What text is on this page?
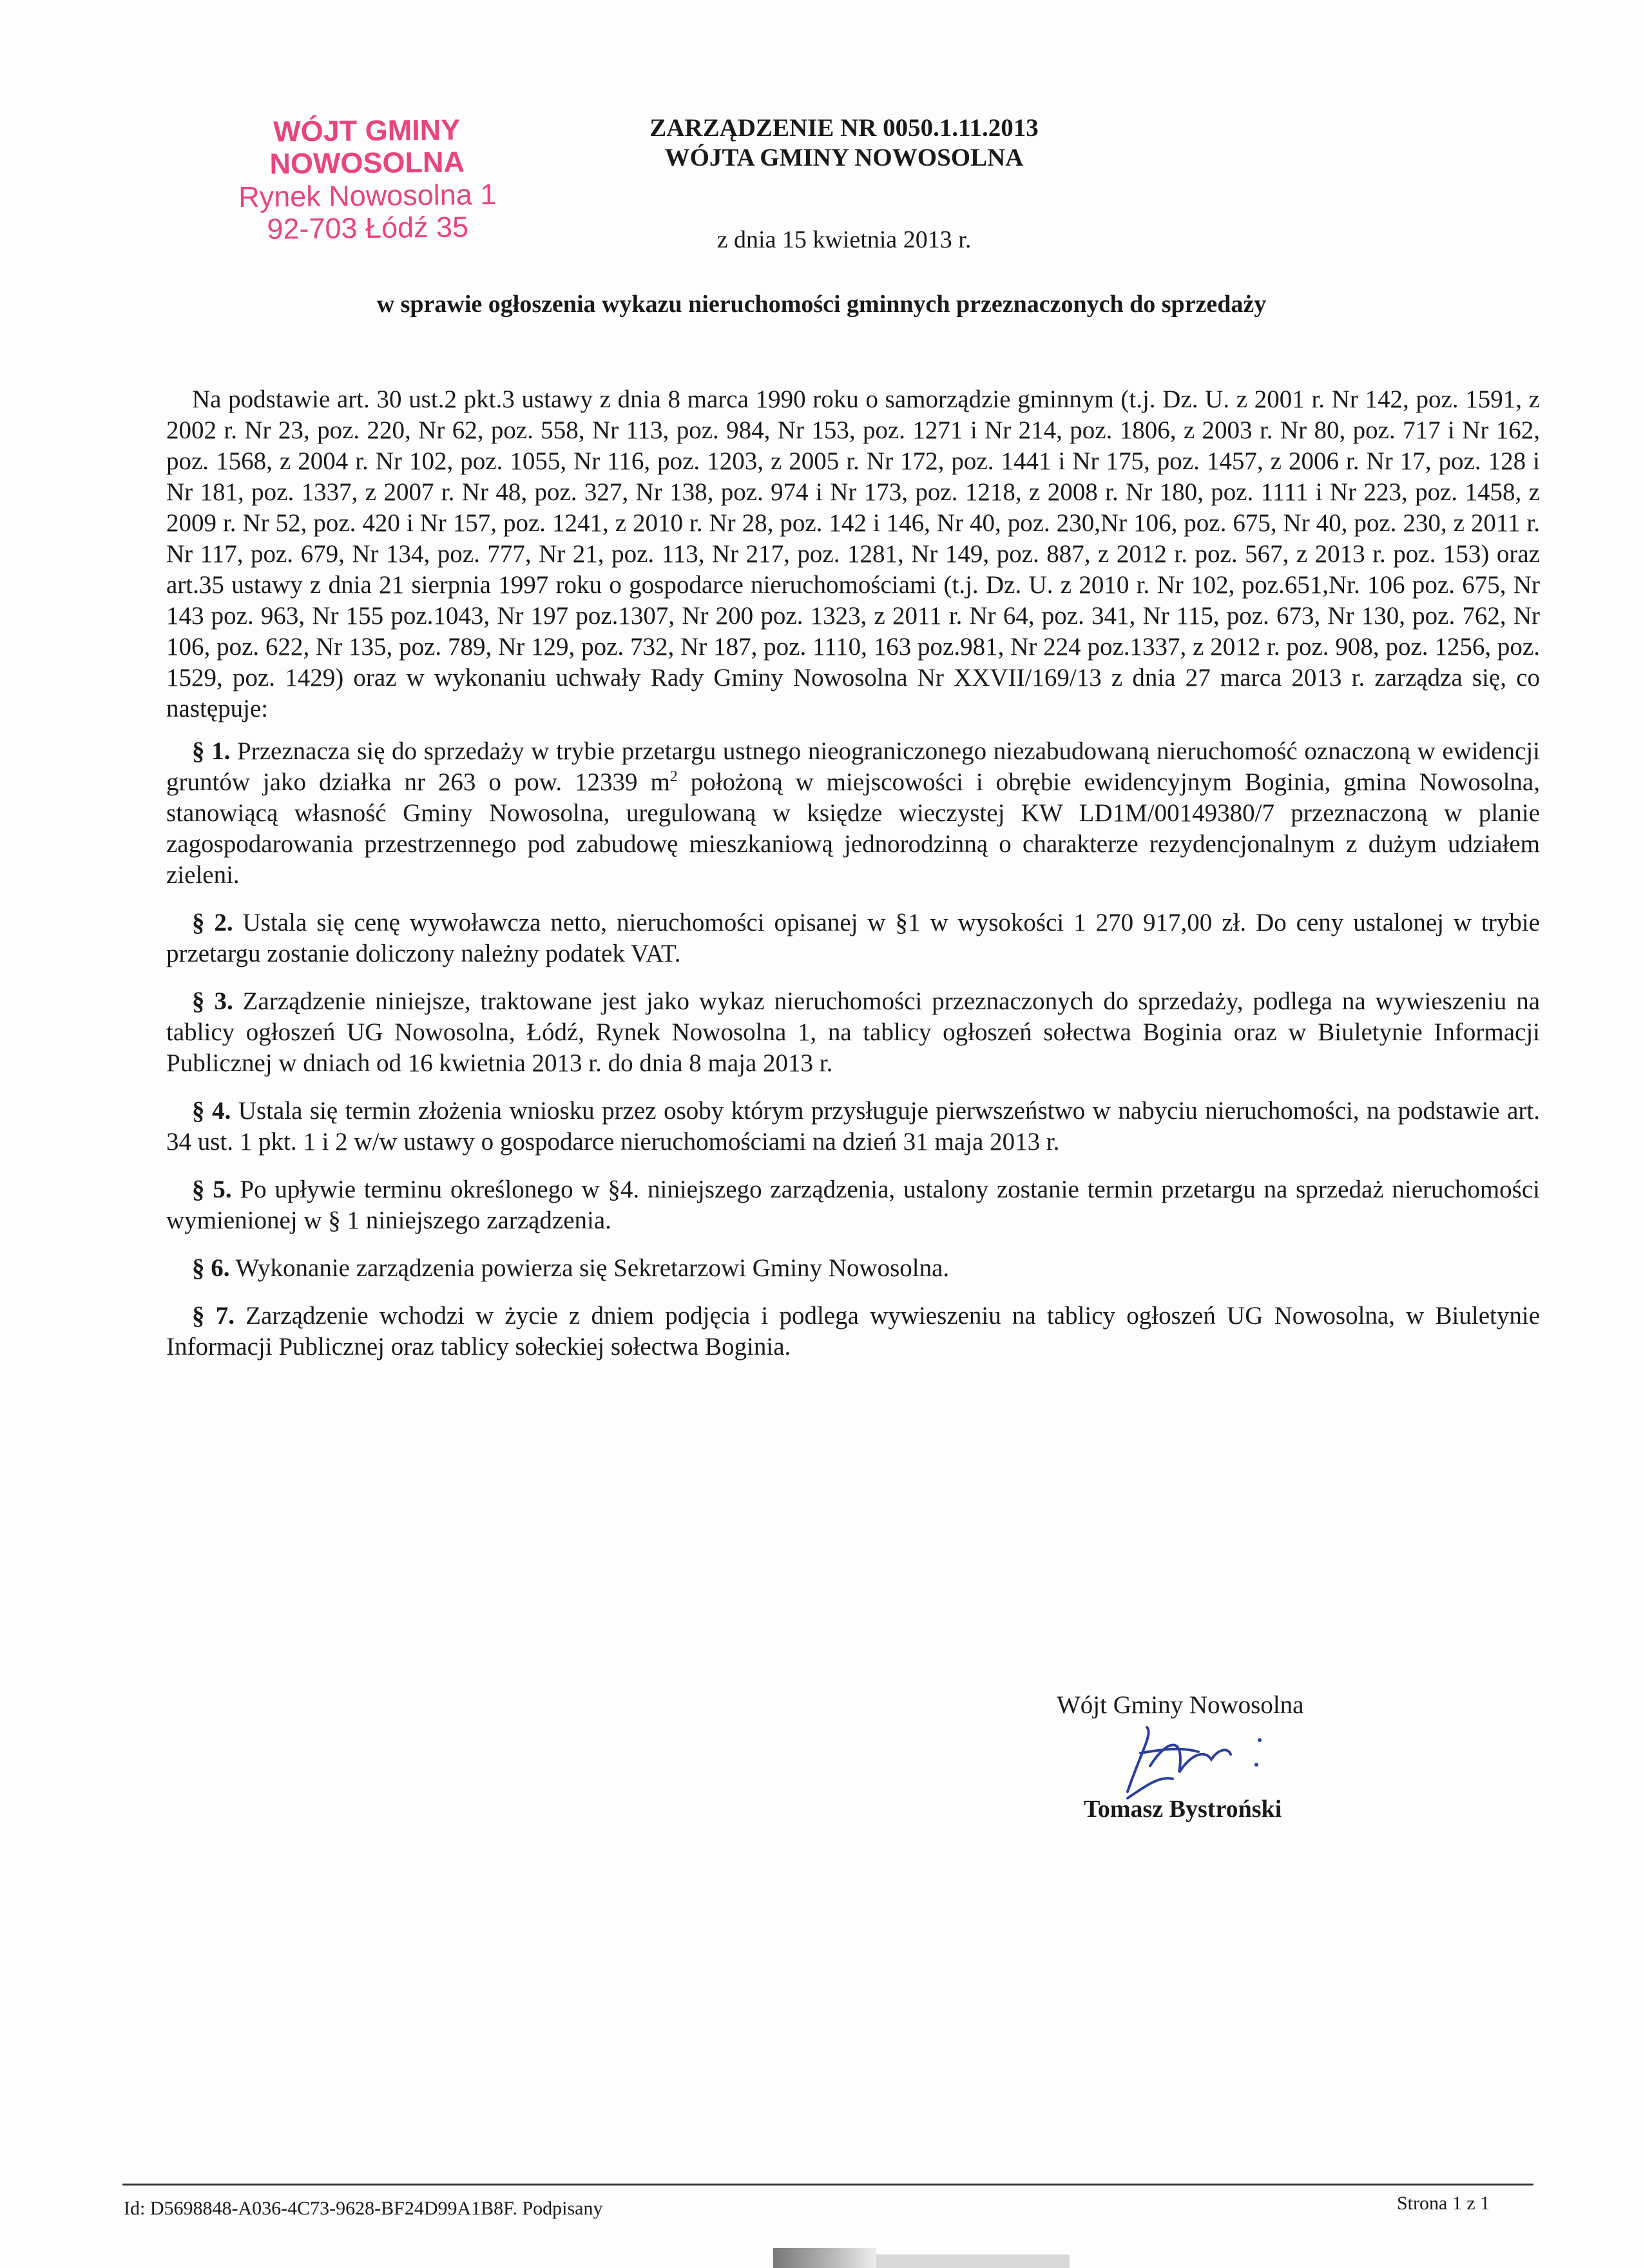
WÓJT GMINY NOWOSOLNA
Rynek Nowosolna 1
92-703 Łódź 35
ZARZĄDZENIE NR 0050.1.11.2013
WÓJTA GMINY NOWOSOLNA
z dnia 15 kwietnia 2013 r.
w sprawie ogłoszenia wykazu nieruchomości gminnych przeznaczonych do sprzedaży

Na podstawie art. 30 ust.2 pkt.3 ustawy z dnia 8 marca 1990 roku o samorządzie gminnym (t.j. Dz. U. z 2001 r. Nr 142, poz. 1591, z 2002 r. Nr 23, poz. 220, Nr 62, poz. 558, Nr 113, poz. 984, Nr 153, poz. 1271 i Nr 214, poz. 1806, z 2003 r. Nr 80, poz. 717 i Nr 162, poz. 1568, z 2004 r. Nr 102, poz. 1055, Nr 116, poz. 1203, z 2005 r. Nr 172, poz. 1441 i Nr 175, poz. 1457, z 2006 r. Nr 17, poz. 128 i Nr 181, poz. 1337, z 2007 r. Nr 48, poz. 327, Nr 138, poz. 974 i Nr 173, poz. 1218, z 2008 r. Nr 180, poz. 1111 i Nr 223, poz. 1458, z 2009 r. Nr 52, poz. 420 i Nr 157, poz. 1241, z 2010 r. Nr 28, poz. 142 i 146, Nr 40, poz. 230,Nr 106, poz. 675, Nr 40, poz. 230, z 2011 r. Nr 117, poz. 679, Nr 134, poz. 777, Nr 21, poz. 113, Nr 217, poz. 1281, Nr 149, poz. 887, z 2012 r. poz. 567, z 2013 r. poz. 153) oraz art.35 ustawy z dnia 21 sierpnia 1997 roku o gospodarce nieruchomościami (t.j. Dz. U. z 2010 r. Nr 102, poz.651,Nr. 106 poz. 675, Nr 143 poz. 963, Nr 155 poz.1043, Nr 197 poz.1307, Nr 200 poz. 1323, z 2011 r. Nr 64, poz. 341, Nr 115, poz. 673, Nr 130, poz. 762, Nr 106, poz. 622, Nr 135, poz. 789, Nr 129, poz. 732, Nr 187, poz. 1110, 163 poz.981, Nr 224 poz.1337, z 2012 r. poz. 908, poz. 1256, poz. 1529, poz. 1429) oraz w wykonaniu uchwały Rady Gminy Nowosolna Nr XXVII/169/13 z dnia 27 marca 2013 r. zarządza się, co następuje:

§ 1. Przeznacza się do sprzedaży w trybie przetargu ustnego nieograniczonego niezabudowaną nieruchomość oznaczoną w ewidencji gruntów jako działka nr 263 o pow. 12339 $m^2$ położoną w miejscowości i obrębie ewidencyjnym Boginia, gmina Nowosolna, stanowiącą własność Gminy Nowosolna, uregulowaną w księdze wieczystej KW LD1M/00149380/7 przeznaczoną w planie zagospodarowania przestrzennego pod zabudowę mieszkaniową jednorodzinną o charakterze rezydencjonalnym z dużym udziałem zieleni.

§ 2. Ustala się cenę wywoławcza netto, nieruchomości opisanej w §1 w wysokości 1 270 917,00 zł. Do ceny ustalonej w trybie przetargu zostanie doliczony należny podatek VAT.

§ 3. Zarządzenie niniejsze, traktowane jest jako wykaz nieruchomości przeznaczonych do sprzedaży, podlega na wywieszeniu na tablicy ogłoszeń UG Nowosolna, Łódź, Rynek Nowosolna 1, na tablicy ogłoszeń sołectwa Boginia oraz w Biuletynie Informacji Publicznej w dniach od 16 kwietnia 2013 r. do dnia 8 maja 2013 r.

§ 4. Ustala się termin złożenia wniosku przez osoby którym przysługuje pierwszeństwo w nabyciu nieruchomości, na podstawie art. 34 ust. 1 pkt. 1 i 2 w/w ustawy o gospodarce nieruchomościami na dzień 31 maja 2013 r.

§ 5. Po upływie terminu określonego w §4. niniejszego zarządzenia, ustalony zostanie termin przetargu na sprzedaż nieruchomości wymienionej w § 1 niniejszego zarządzenia.

§ 6. Wykonanie zarządzenia powierza się Sekretarzowi Gminy Nowosolna.

§ 7. Zarządzenie wchodzi w życie z dniem podjęcia i podlega wywieszeniu na tablicy ogłoszeń UG Nowosolna, w Biuletynie Informacji Publicznej oraz tablicy sołeckiej sołectwa Boginia.

Wójt Gminy Nowosolna
Tomasz Bystroński
Id: D5698848-A036-4C73-9628-BF24D99A1B8F. Podpisany	Strona 1 z 1
